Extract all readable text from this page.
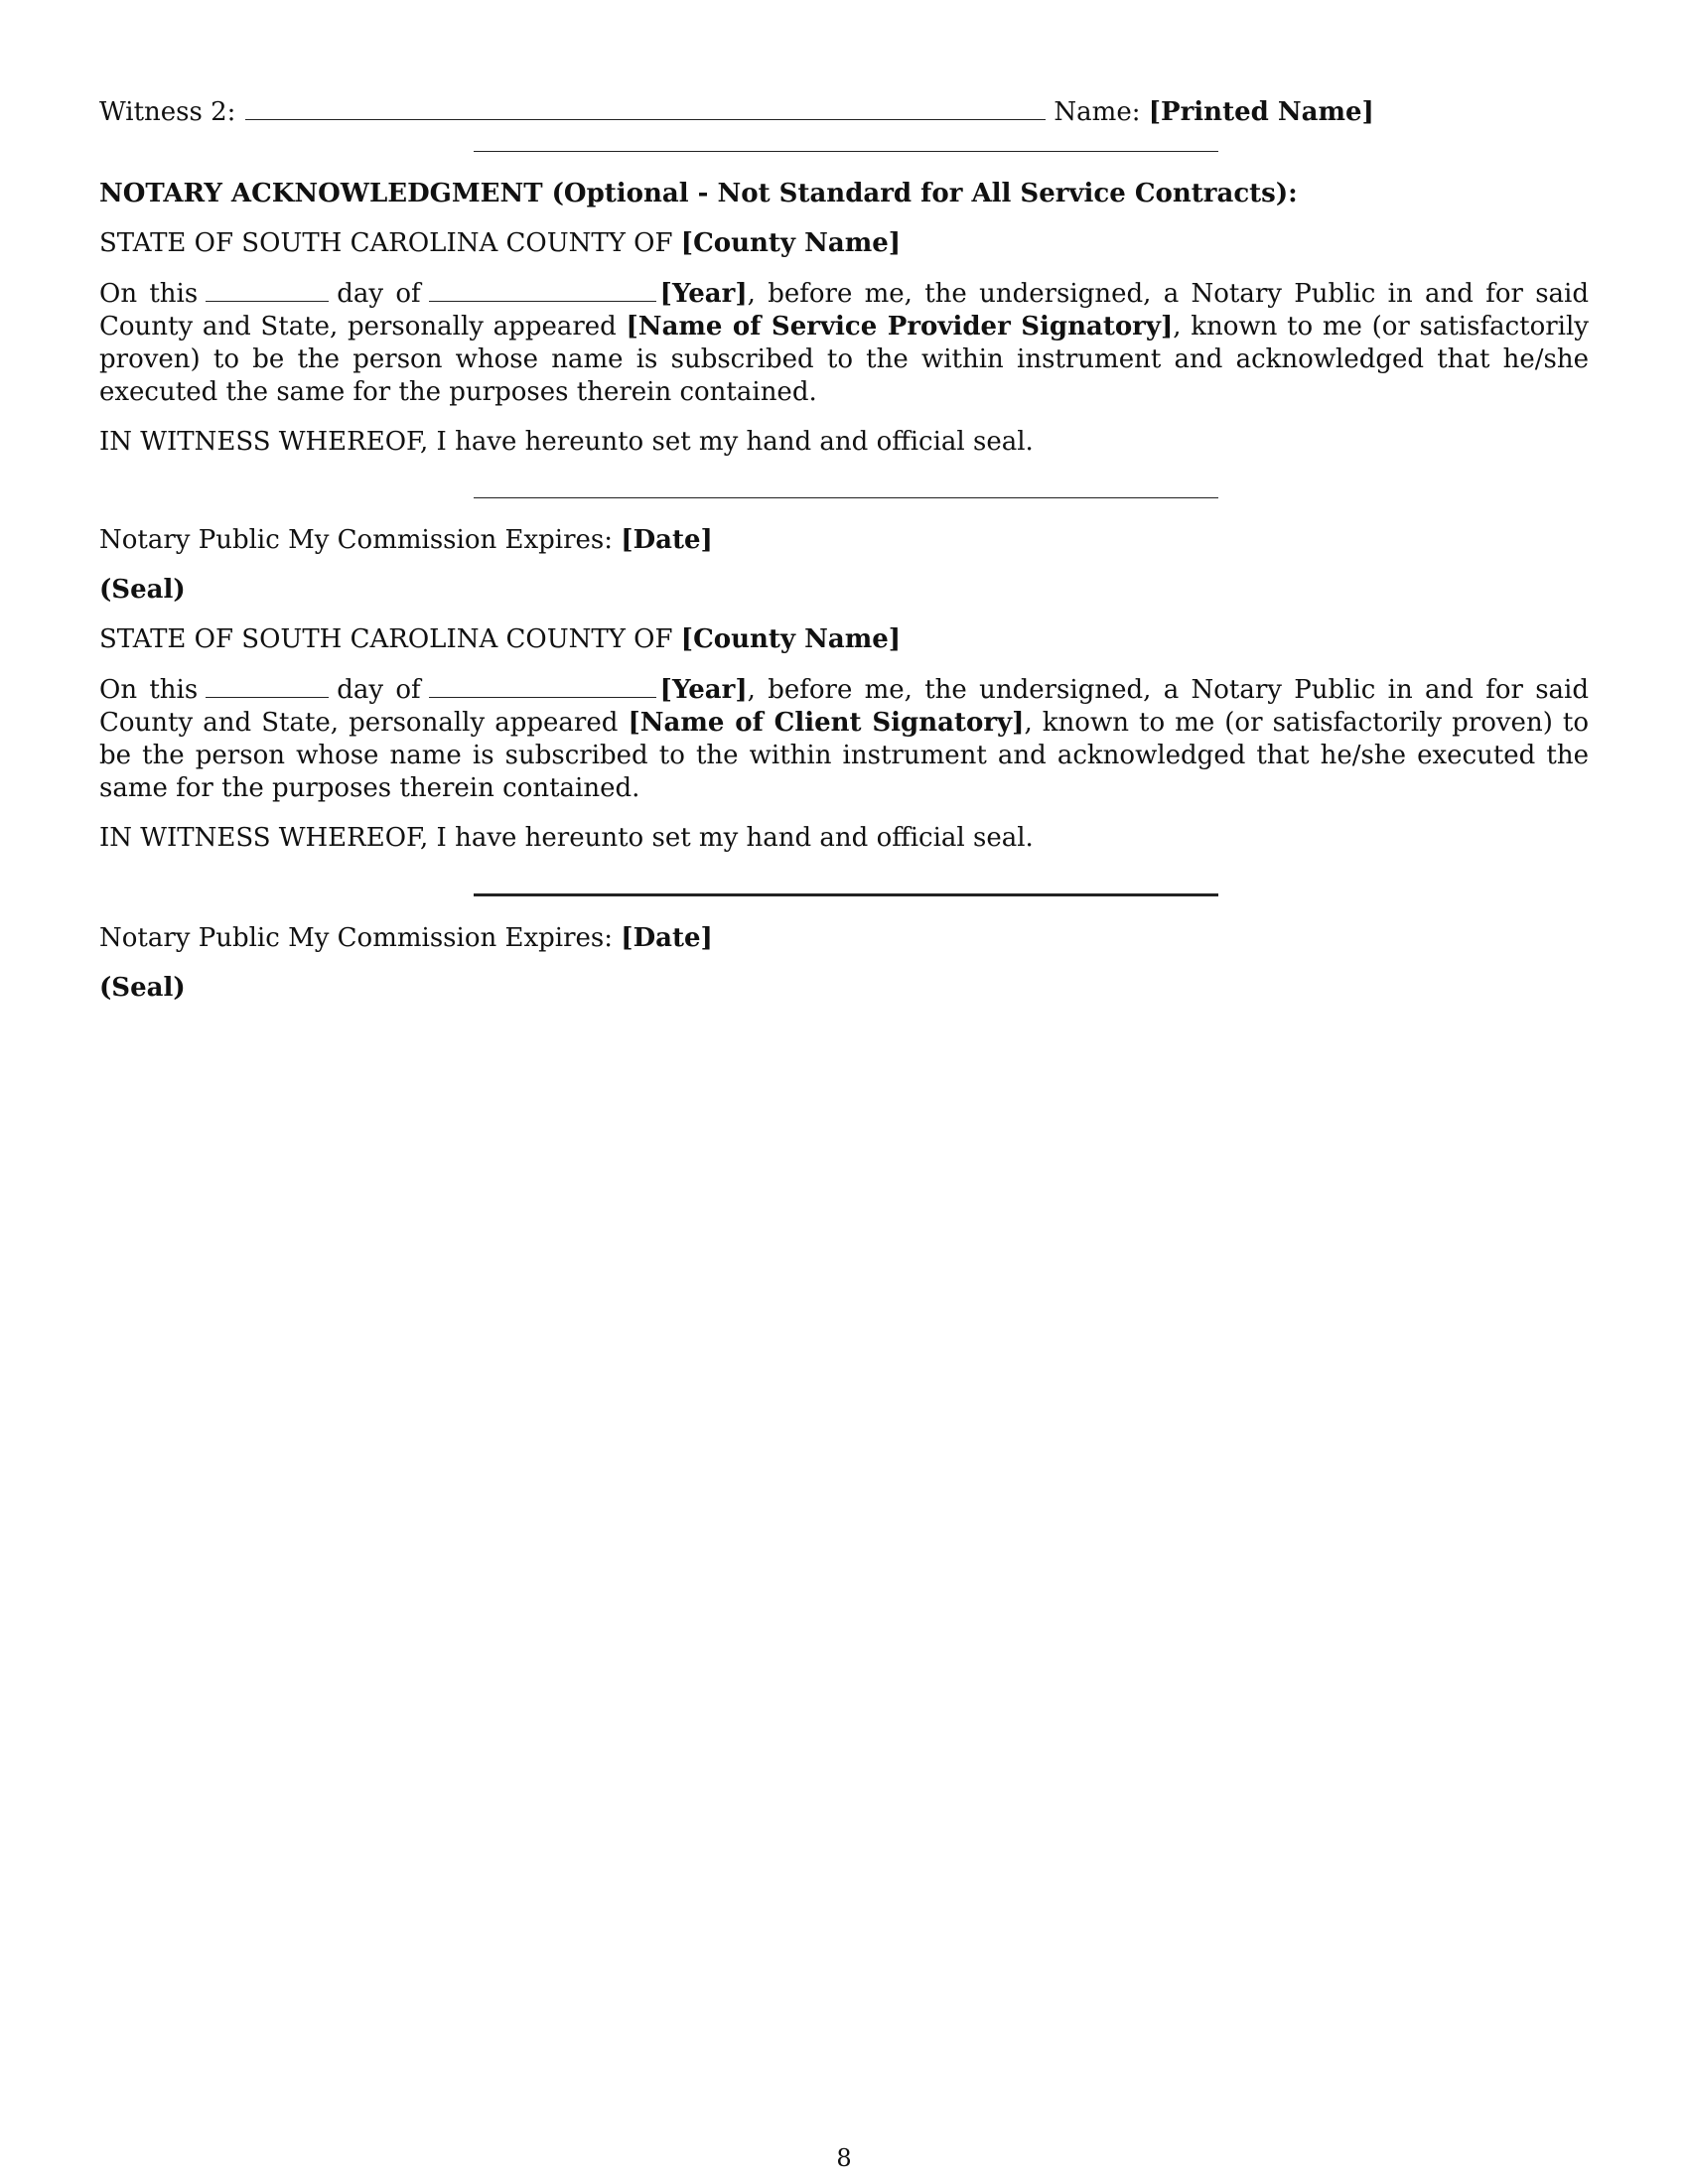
Witness 2:	Name: [Printed Name]

NOTARY ACKNOWLEDGMENT (Optional - Not Standard for All Service Contracts):

STATE OF SOUTH CAROLINA COUNTY OF [County Name]

On this	day of	[Year], before me, the undersigned, a Notary Public in and for said County and State, personally appeared [Name of Service Provider Signatory], known to me (or satisfactorily proven) to be the person whose name is subscribed to the within instrument and acknowledged that he/she executed the same for the purposes therein contained.

IN WITNESS WHEREOF, I have hereunto set my hand and official seal.

Notary Public My Commission Expires: [Date]

(Seal)

STATE OF SOUTH CAROLINA COUNTY OF [County Name]

On this	day of	[Year], before me, the undersigned, a Notary Public in and for said County and State, personally appeared [Name of Client Signatory], known to me (or satisfactorily proven) to be the person whose name is subscribed to the within instrument and acknowledged that he/she executed the same for the purposes therein contained.

IN WITNESS WHEREOF, I have hereunto set my hand and official seal.

Notary Public My Commission Expires: [Date]

(Seal)

8
